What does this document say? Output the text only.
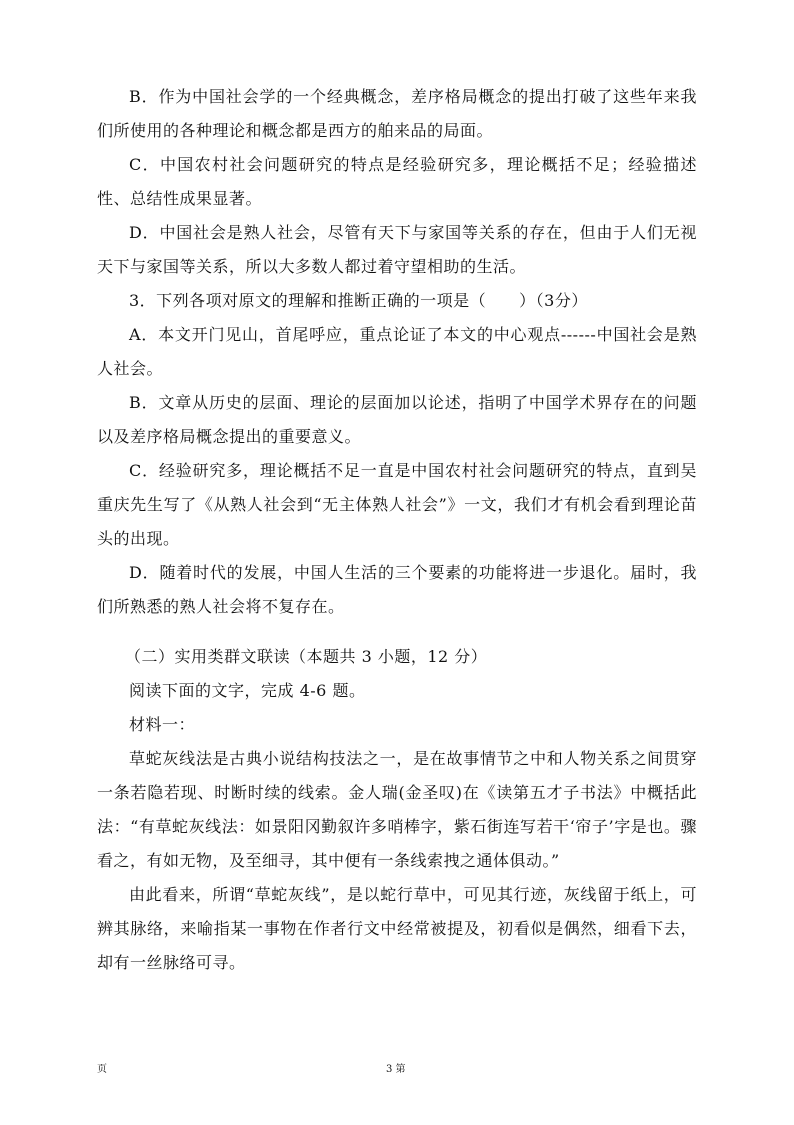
B．作为中国社会学的一个经典概念，差序格局概念的提出打破了这些年来我们所使用的各种理论和概念都是西方的舶来品的局面。

C．中国农村社会问题研究的特点是经验研究多，理论概括不足；经验描述性、总结性成果显著。

D．中国社会是熟人社会，尽管有天下与家国等关系的存在，但由于人们无视天下与家国等关系，所以大多数人都过着守望相助的生活。

3．下列各项对原文的理解和推断正确的一项是（　　）（3分）

A．本文开门见山，首尾呼应，重点论证了本文的中心观点------中国社会是熟人社会。

B．文章从历史的层面、理论的层面加以论述，指明了中国学术界存在的问题以及差序格局概念提出的重要意义。

C．经验研究多，理论概括不足一直是中国农村社会问题研究的特点，直到吴重庆先生写了《从熟人社会到“无主体熟人社会”》一文，我们才有机会看到理论苗头的出现。

D．随着时代的发展，中国人生活的三个要素的功能将进一步退化。届时，我们所熟悉的熟人社会将不复存在。

（二）实用类群文联读（本题共 3 小题，12 分）

阅读下面的文字，完成 4-6 题。

材料一：

草蛇灰线法是古典小说结构技法之一，是在故事情节之中和人物关系之间贯穿一条若隐若现、时断时续的线索。金人瑞(金圣叹)在《读第五才子书法》中概括此法：“有草蛇灰线法：如景阳冈勤叙许多哨棒字，紫石街连写若干‘帘子’字是也。骤看之，有如无物，及至细寻，其中便有一条线索拽之通体俱动。”

由此看来，所谓“草蛇灰线”，是以蛇行草中，可见其行迹，灰线留于纸上，可辨其脉络，来喻指某一事物在作者行文中经常被提及，初看似是偶然，细看下去，却有一丝脉络可寻。

页	3 第
